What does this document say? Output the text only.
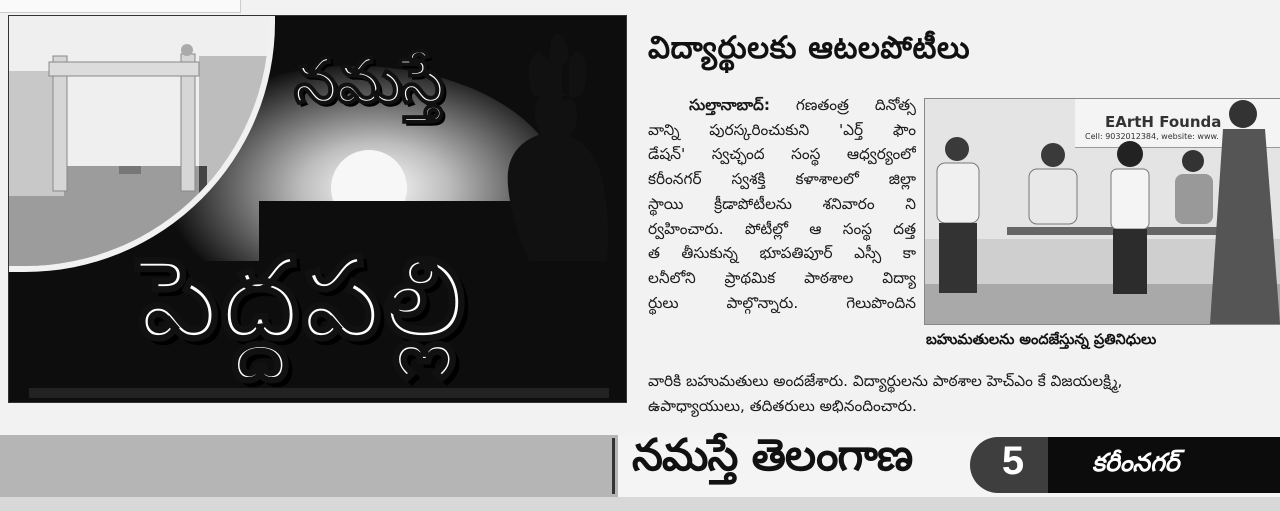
నమస్తే
పెద్దపల్లి
విద్యార్థులకు ఆటలపోటీలు
  సుల్తానాబాద్: గణతంత్ర దినోత్స
వాన్ని పురస్కరించుకుని 'ఎర్త్ ఫౌం
డేషన్' స్వచ్ఛంద సంస్థ ఆధ్వర్యంలో
కరీంనగర్ స్వశక్తి కళాశాలలో జిల్లా
స్థాయి క్రీడాపోటీలను శనివారం ని
ర్వహించారు. పోటీల్లో ఆ సంస్థ దత్త
త తీసుకున్న భూపతిపూర్ ఎస్సీ కా
లనీలోని ప్రాథమిక పాఠశాల విద్యా
ర్థులు పాల్గొన్నారు. గెలుపొందిన
EArtH Founda
Cell: 9032012384, website: www.
బహుమతులను అందజేస్తున్న ప్రతినిధులు
వారికి బహుమతులు అందజేశారు. విద్యార్థులను పాఠశాల హెచ్ఎం కే విజయలక్ష్మి,
ఉపాధ్యాయులు, తదితరులు అభినందించారు.
నమస్తే తెలంగాణ 5	కరీంనగర్
